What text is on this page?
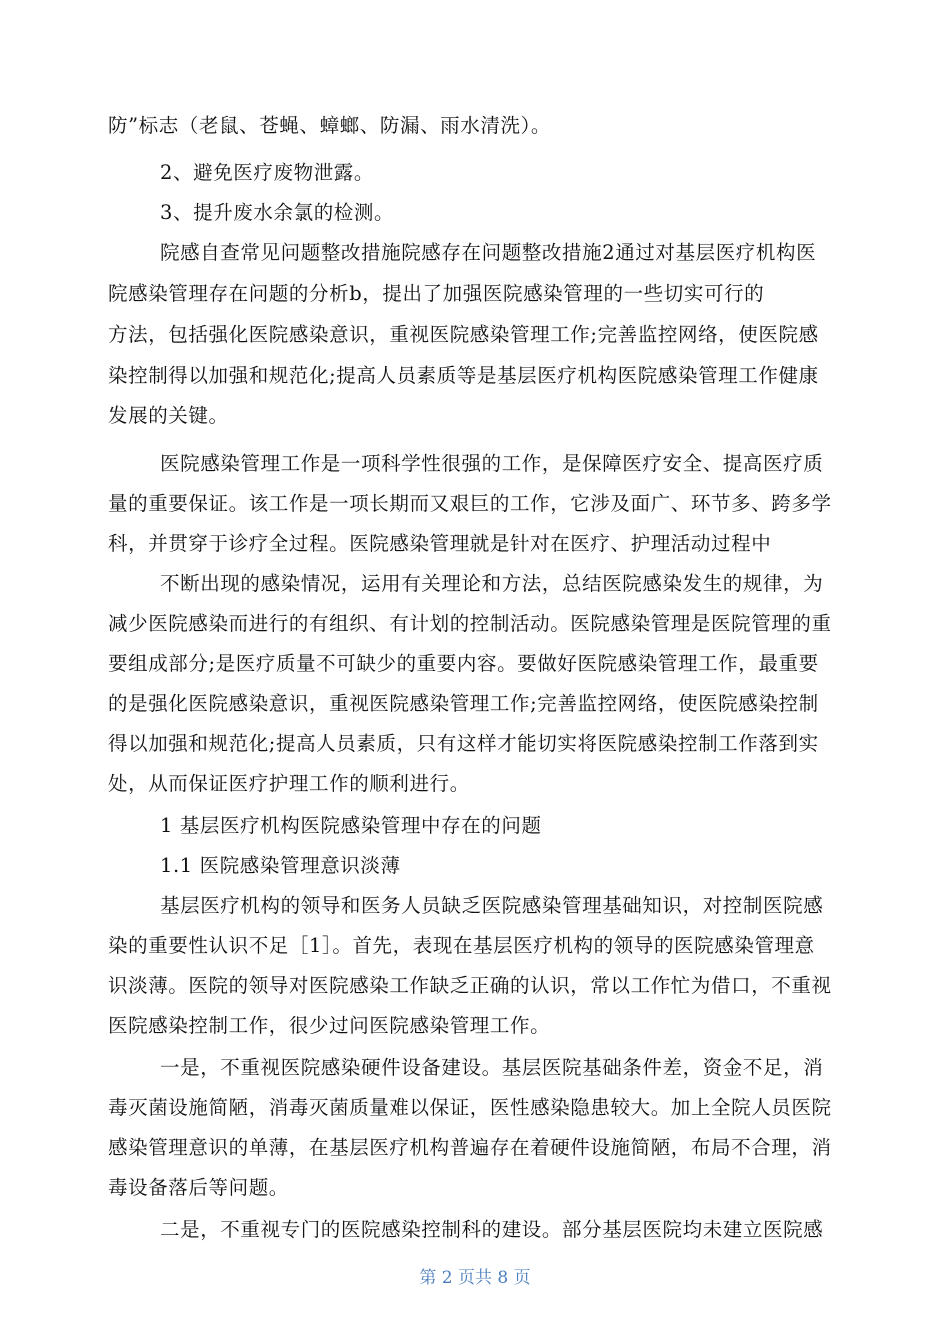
防”标志（老鼠、苍蝇、蟑螂、防漏、雨水清洗）。
2、避免医疗废物泄露。
3、提升废水余氯的检测。
院感自查常见问题整改措施院感存在问题整改措施2通过对基层医疗机构医
院感染管理存在问题的分析b，提出了加强医院感染管理的一些切实可行的
方法，包括强化医院感染意识，重视医院感染管理工作;完善监控网络，使医院感
染控制得以加强和规范化;提高人员素质等是基层医疗机构医院感染管理工作健康
发展的关键。
医院感染管理工作是一项科学性很强的工作，是保障医疗安全、提高医疗质
量的重要保证。该工作是一项长期而又艰巨的工作，它涉及面广、环节多、跨多学
科，并贯穿于诊疗全过程。医院感染管理就是针对在医疗、护理活动过程中
不断出现的感染情况，运用有关理论和方法，总结医院感染发生的规律，为
减少医院感染而进行的有组织、有计划的控制活动。医院感染管理是医院管理的重
要组成部分;是医疗质量不可缺少的重要内容。要做好医院感染管理工作，最重要
的是强化医院感染意识，重视医院感染管理工作;完善监控网络，使医院感染控制
得以加强和规范化;提高人员素质，只有这样才能切实将医院感染控制工作落到实
处，从而保证医疗护理工作的顺利进行。
1 基层医疗机构医院感染管理中存在的问题
1.1 医院感染管理意识淡薄
基层医疗机构的领导和医务人员缺乏医院感染管理基础知识，对控制医院感
染的重要性认识不足［1］。首先，表现在基层医疗机构的领导的医院感染管理意
识淡薄。医院的领导对医院感染工作缺乏正确的认识，常以工作忙为借口，不重视
医院感染控制工作，很少过问医院感染管理工作。
一是，不重视医院感染硬件设备建设。基层医院基础条件差，资金不足，消
毒灭菌设施简陋，消毒灭菌质量难以保证，医性感染隐患较大。加上全院人员医院
感染管理意识的单薄，在基层医疗机构普遍存在着硬件设施简陋，布局不合理，消
毒设备落后等问题。
二是，不重视专门的医院感染控制科的建设。部分基层医院均未建立医院感
第 2 页共 8 页
